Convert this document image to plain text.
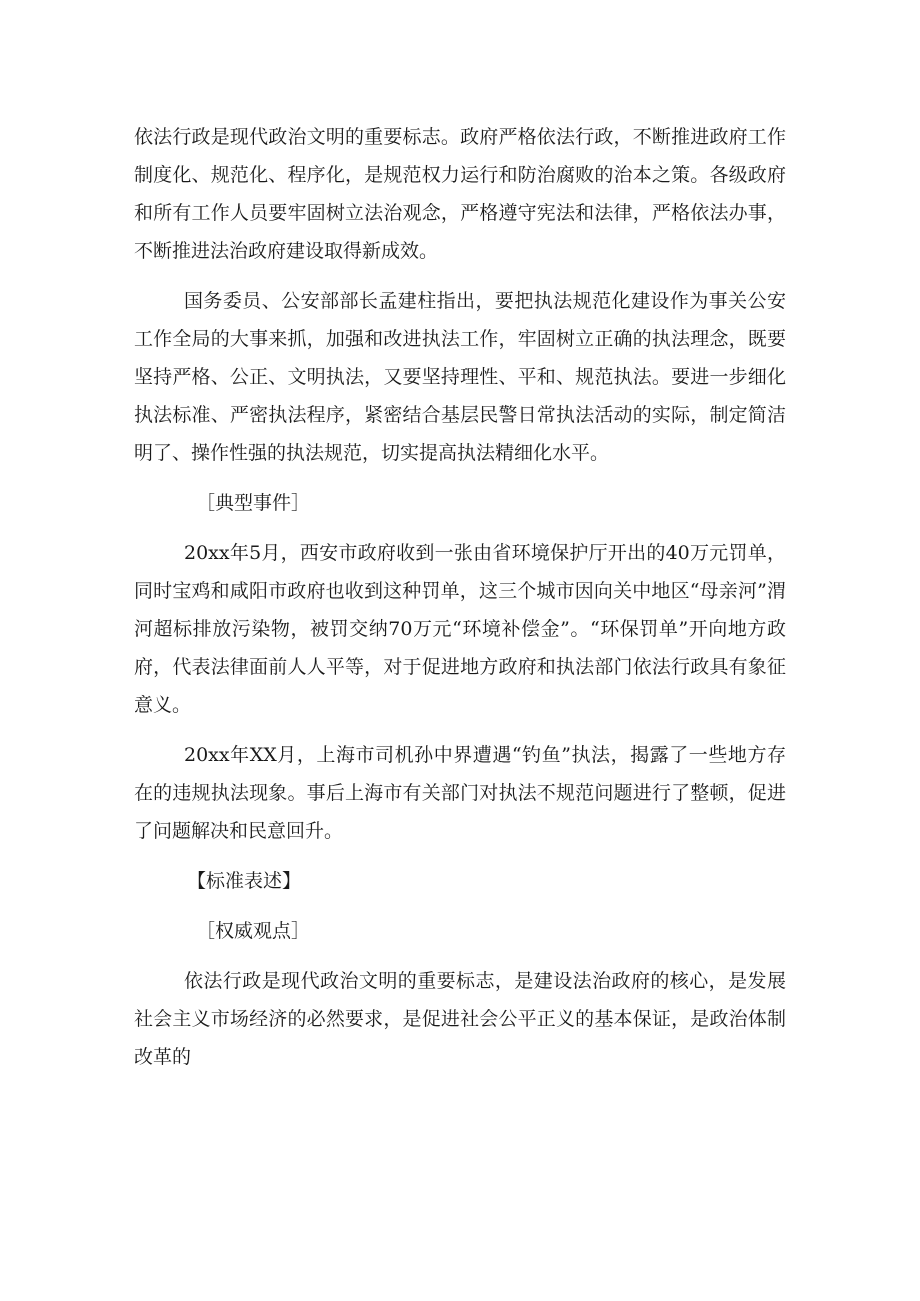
依法行政是现代政治文明的重要标志。政府严格依法行政，不断推进政府工作制度化、规范化、程序化，是规范权力运行和防治腐败的治本之策。各级政府和所有工作人员要牢固树立法治观念，严格遵守宪法和法律，严格依法办事，不断推进法治政府建设取得新成效。

国务委员、公安部部长孟建柱指出，要把执法规范化建设作为事关公安工作全局的大事来抓，加强和改进执法工作，牢固树立正确的执法理念，既要坚持严格、公正、文明执法，又要坚持理性、平和、规范执法。要进一步细化执法标准、严密执法程序，紧密结合基层民警日常执法活动的实际，制定简洁明了、操作性强的执法规范，切实提高执法精细化水平。

［典型事件］

20xx年5月，西安市政府收到一张由省环境保护厅开出的40万元罚单，同时宝鸡和咸阳市政府也收到这种罚单，这三个城市因向关中地区“母亲河”渭河超标排放污染物，被罚交纳70万元“环境补偿金”。“环保罚单”开向地方政府，代表法律面前人人平等，对于促进地方政府和执法部门依法行政具有象征意义。

20xx年XX月，上海市司机孙中界遭遇“钓鱼”执法，揭露了一些地方存在的违规执法现象。事后上海市有关部门对执法不规范问题进行了整顿，促进了问题解决和民意回升。

【标准表述】

［权威观点］

依法行政是现代政治文明的重要标志，是建设法治政府的核心，是发展社会主义市场经济的必然要求，是促进社会公平正义的基本保证，是政治体制改革的
